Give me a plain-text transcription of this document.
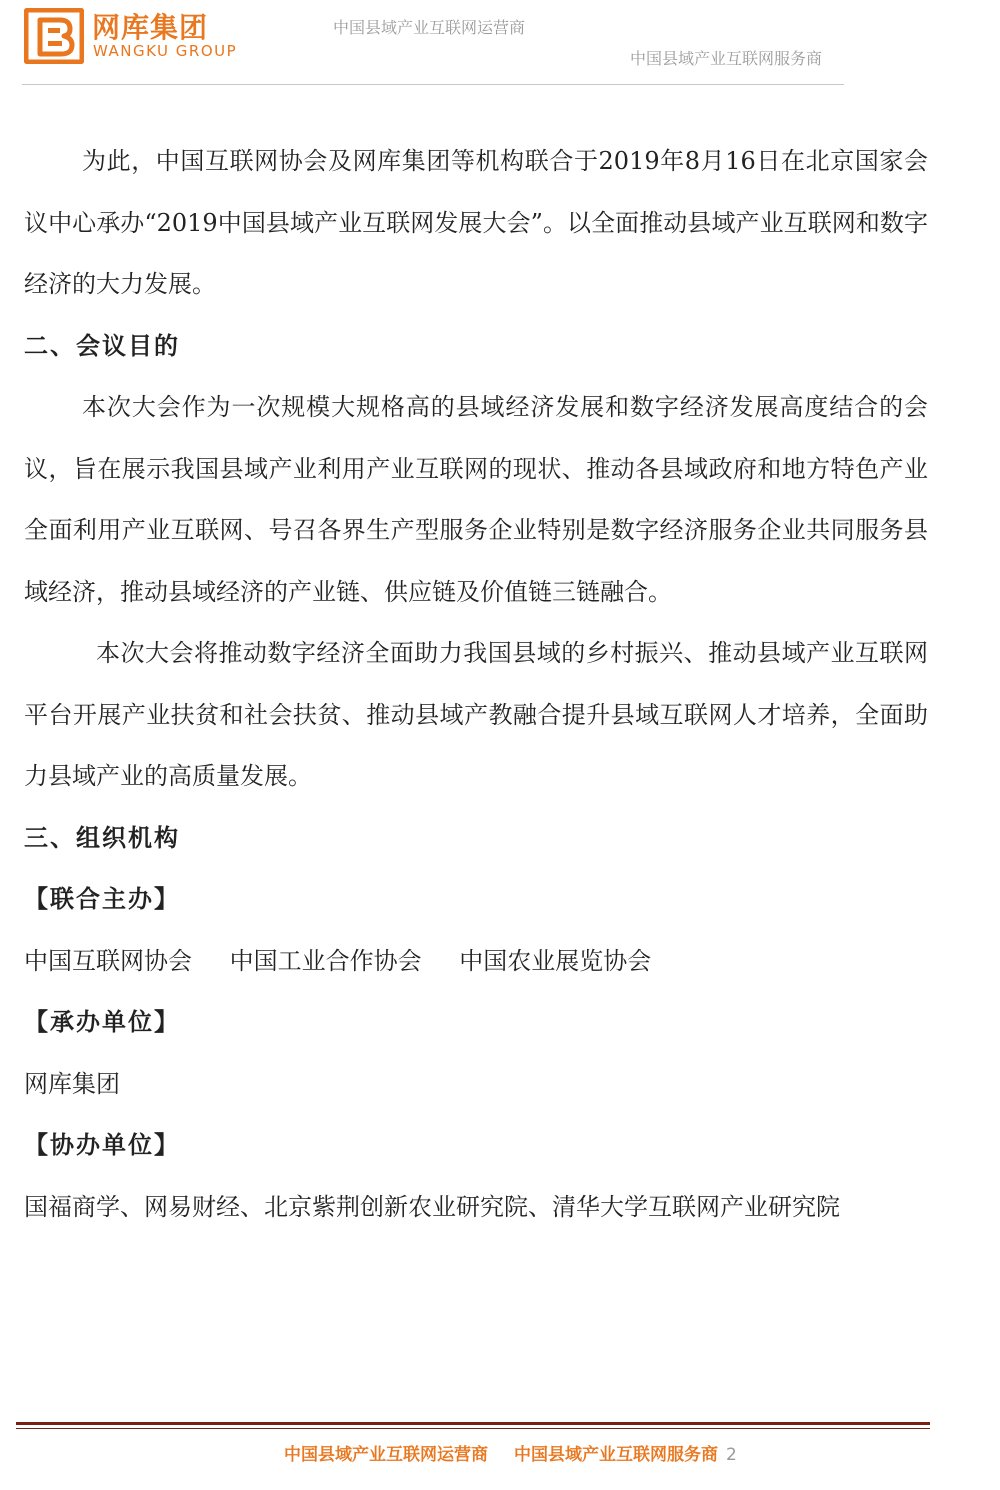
网库集团
WANGKU GROUP
中国县域产业互联网运营商
中国县域产业互联网服务商

为此，中国互联网协会及网库集团等机构联合于2019年8月16日在北京国家会议中心承办“2019中国县域产业互联网发展大会”。以全面推动县域产业互联网和数字经济的大力发展。

二、会议目的

本次大会作为一次规模大规格高的县域经济发展和数字经济发展高度结合的会议，旨在展示我国县域产业利用产业互联网的现状、推动各县域政府和地方特色产业全面利用产业互联网、号召各界生产型服务企业特别是数字经济服务企业共同服务县域经济，推动县域经济的产业链、供应链及价值链三链融合。

本次大会将推动数字经济全面助力我国县域的乡村振兴、推动县域产业互联网平台开展产业扶贫和社会扶贫、推动县域产教融合提升县域互联网人才培养，全面助力县域产业的高质量发展。

三、组织机构

【联合主办】

中国互联网协会 中国工业合作协会 中国农业展览协会

【承办单位】

网库集团

【协办单位】

国福商学、网易财经、北京紫荆创新农业研究院、清华大学互联网产业研究院

中国县域产业互联网运营商 中国县域产业互联网服务商 2
